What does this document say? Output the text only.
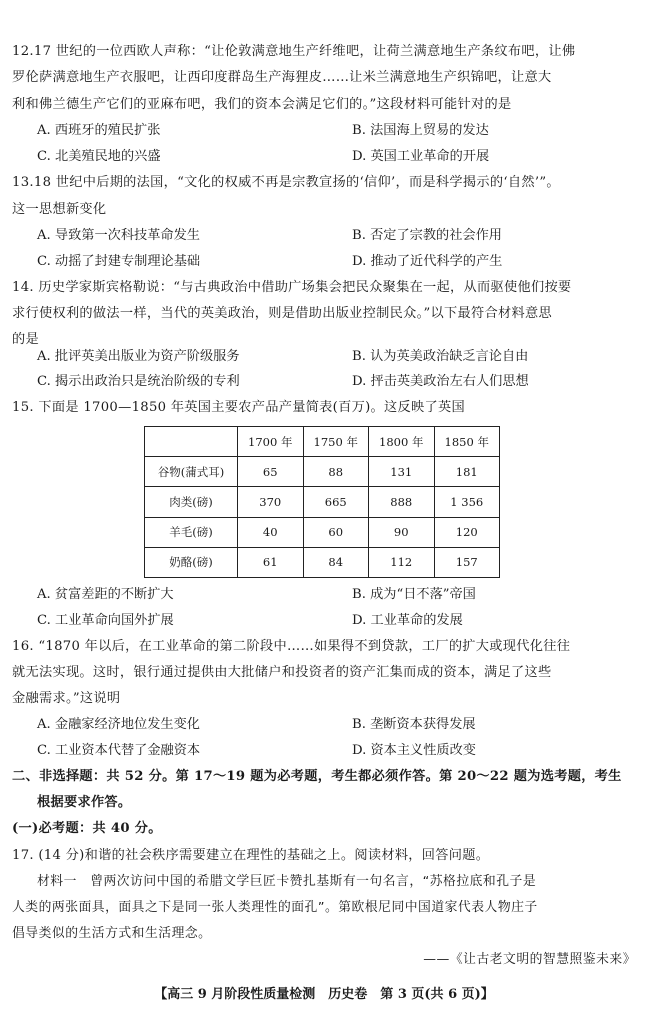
12.17 世纪的一位西欧人声称：“让伦敦满意地生产纤维吧，让荷兰满意地生产条纹布吧，让佛
罗伦萨满意地生产衣服吧，让西印度群岛生产海狸皮……让米兰满意地生产织锦吧，让意大
利和佛兰德生产它们的亚麻布吧，我们的资本会满足它们的。”这段材料可能针对的是
A. 西班牙的殖民扩张	B. 法国海上贸易的发达
C. 北美殖民地的兴盛	D. 英国工业革命的开展
13.18 世纪中后期的法国，“文化的权威不再是宗教宣扬的‘信仰’，而是科学揭示的‘自然’”。
这一思想新变化
A. 导致第一次科技革命发生	B. 否定了宗教的社会作用
C. 动摇了封建专制理论基础	D. 推动了近代科学的产生
14. 历史学家斯宾格勒说：“与古典政治中借助广场集会把民众聚集在一起，从而驱使他们按要
求行使权利的做法一样，当代的英美政治，则是借助出版业控制民众。”以下最符合材料意思
的是
A. 批评英美出版业为资产阶级服务	B. 认为英美政治缺乏言论自由
C. 揭示出政治只是统治阶级的专利	D. 抨击英美政治左右人们思想
15. 下面是 1700—1850 年英国主要农产品产量简表(百万)。这反映了英国
	1700 年	1750 年	1800 年	1850 年
谷物(蒲式耳)	65	88	131	181
肉类(磅)	370	665	888	1 356
羊毛(磅)	40	60	90	120
奶酪(磅)	61	84	112	157
A. 贫富差距的不断扩大	B. 成为“日不落”帝国
C. 工业革命向国外扩展	D. 工业革命的发展
16. “1870 年以后，在工业革命的第二阶段中……如果得不到贷款，工厂的扩大或现代化往往
就无法实现。这时，银行通过提供由大批储户和投资者的资产汇集而成的资本，满足了这些
金融需求。”这说明
A. 金融家经济地位发生变化	B. 垄断资本获得发展
C. 工业资本代替了金融资本	D. 资本主义性质改变
二、非选择题：共 52 分。第 17～19 题为必考题，考生都必须作答。第 20～22 题为选考题，考生
根据要求作答。
(一)必考题：共 40 分。
17. (14 分)和谐的社会秩序需要建立在理性的基础之上。阅读材料，回答问题。
材料一　曾两次访问中国的希腊文学巨匠卡赞扎基斯有一句名言，“苏格拉底和孔子是
人类的两张面具，面具之下是同一张人类理性的面孔”。第欧根尼同中国道家代表人物庄子
倡导类似的生活方式和生活理念。
——《让古老文明的智慧照鉴未来》
【高三 9 月阶段性质量检测　历史卷　第 3 页(共 6 页)】
